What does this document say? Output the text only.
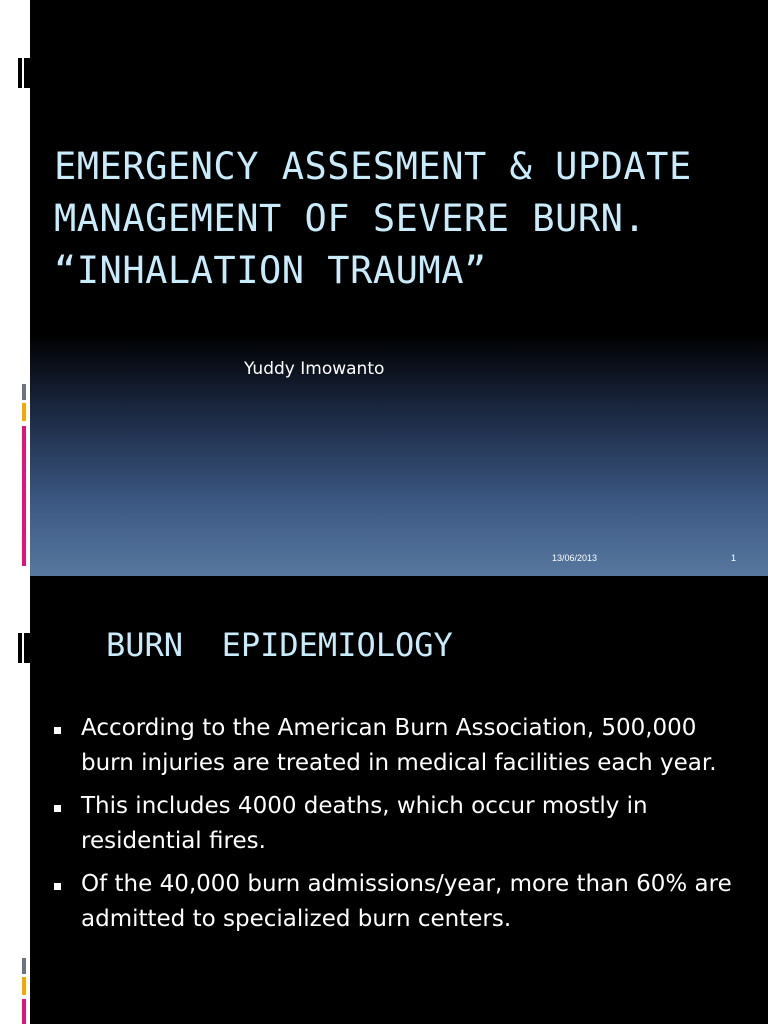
EMERGENCY ASSESMENT & UPDATE
MANAGEMENT OF SEVERE BURN.
“INHALATION TRAUMA”

Yuddy Imowanto

13/06/2013	1
BURN  EPIDEMIOLOGY
According to the American Burn Association, 500,000 burn injuries are treated in medical facilities each year.
This includes 4000 deaths, which occur mostly in residential fires.
Of the 40,000 burn admissions/year, more than 60% are admitted to specialized burn centers.
